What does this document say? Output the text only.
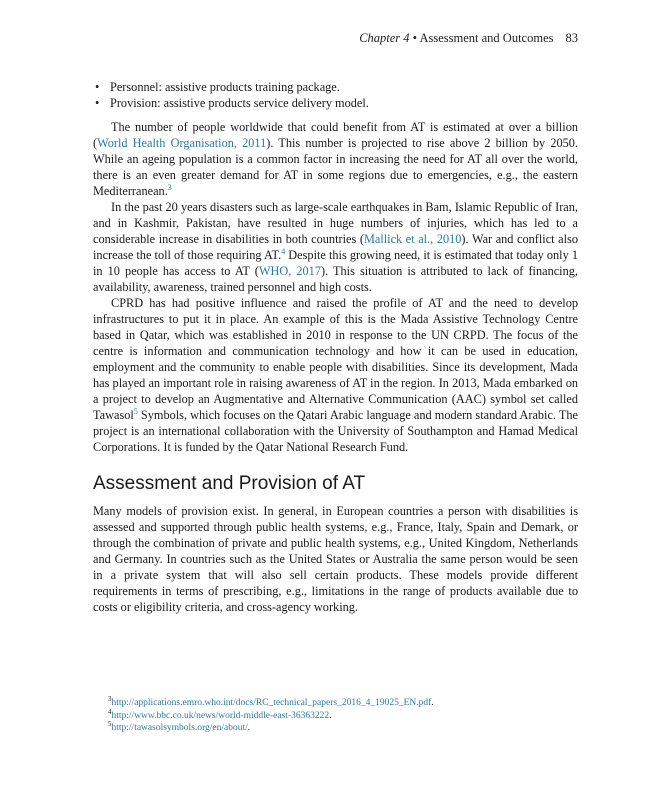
Chapter 4 • Assessment and Outcomes 83
• Personnel: assistive products training package.
• Provision: assistive products service delivery model.

The number of people worldwide that could benefit from AT is estimated at over a billion (World Health Organisation, 2011). This number is projected to rise above 2 billion by 2050. While an ageing population is a common factor in increasing the need for AT all over the world, there is an even greater demand for AT in some regions due to emergencies, e.g., the eastern Mediterranean.$^3$

In the past 20 years disasters such as large-scale earthquakes in Bam, Islamic Republic of Iran, and in Kashmir, Pakistan, have resulted in huge numbers of injuries, which has led to a considerable increase in disabilities in both countries (Mallick et al., 2010). War and conflict also increase the toll of those requiring AT.$^4$ Despite this growing need, it is estimated that today only 1 in 10 people has access to AT (WHO, 2017). This situation is attributed to lack of financing, availability, awareness, trained personnel and high costs.

CPRD has had positive influence and raised the profile of AT and the need to develop infrastructures to put it in place. An example of this is the Mada Assistive Technology Centre based in Qatar, which was established in 2010 in response to the UN CRPD. The focus of the centre is information and communication technology and how it can be used in education, employment and the community to enable people with disabilities. Since its development, Mada has played an important role in raising awareness of AT in the region. In 2013, Mada embarked on a project to develop an Augmentative and Alternative Communication (AAC) symbol set called Tawasol$^5$ Symbols, which focuses on the Qatari Arabic language and modern standard Arabic. The project is an international collaboration with the University of Southampton and Hamad Medical Corporations. It is funded by the Qatar National Research Fund.

Assessment and Provision of AT

Many models of provision exist. In general, in European countries a person with disabilities is assessed and supported through public health systems, e.g., France, Italy, Spain and Demark, or through the combination of private and public health systems, e.g., United Kingdom, Netherlands and Germany. In countries such as the United States or Australia the same person would be seen in a private system that will also sell certain products. These models provide different requirements in terms of prescribing, e.g., limitations in the range of products available due to costs or eligibility criteria, and cross-agency working.

$^3$http://applications.emro.who.int/docs/RC_technical_papers_2016_4_19025_EN.pdf.
$^4$http://www.bbc.co.uk/news/world-middle-east-36363222.
$^5$http://tawasolsymbols.org/en/about/.
